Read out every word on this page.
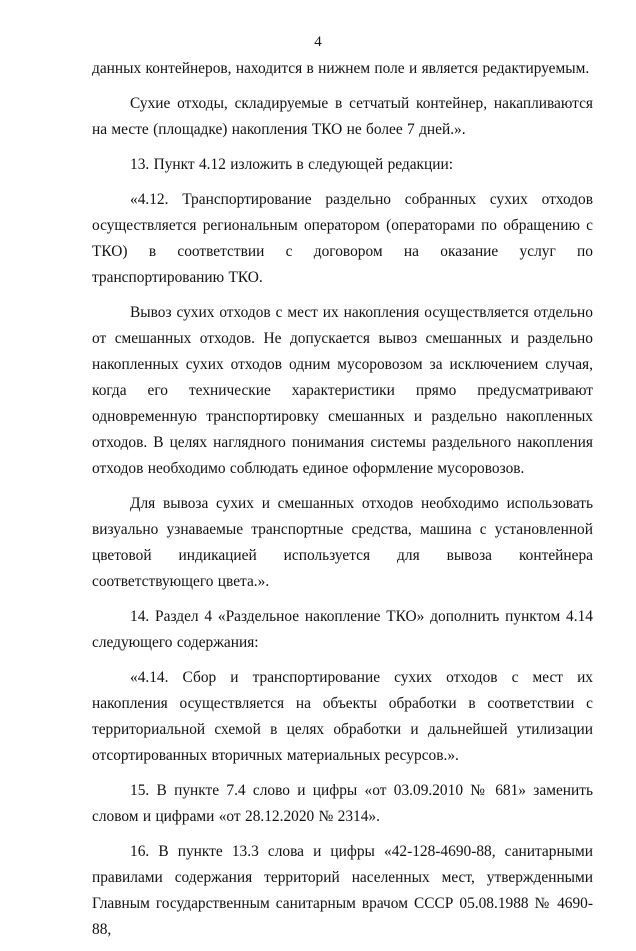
4

данных контейнеров, находится в нижнем поле и является редактируемым.

Сухие отходы, складируемые в сетчатый контейнер, накапливаются на месте (площадке) накопления ТКО не более 7 дней.».

13. Пункт 4.12 изложить в следующей редакции:

«4.12. Транспортирование раздельно собранных сухих отходов осуществляется региональным оператором (операторами по обращению с ТКО) в соответствии с договором на оказание услуг по транспортированию ТКО.

Вывоз сухих отходов с мест их накопления осуществляется отдельно от смешанных отходов. Не допускается вывоз смешанных и раздельно накопленных сухих отходов одним мусоровозом за исключением случая, когда его технические характеристики прямо предусматривают одновременную транспортировку смешанных и раздельно накопленных отходов. В целях наглядного понимания системы раздельного накопления отходов необходимо соблюдать единое оформление мусоровозов.

Для вывоза сухих и смешанных отходов необходимо использовать визуально узнаваемые транспортные средства, машина с установленной цветовой индикацией используется для вывоза контейнера соответствующего цвета.».

14. Раздел 4 «Раздельное накопление ТКО» дополнить пунктом 4.14 следующего содержания:

«4.14. Сбор и транспортирование сухих отходов с мест их накопления осуществляется на объекты обработки в соответствии с территориальной схемой в целях обработки и дальнейшей утилизации отсортированных вторичных материальных ресурсов.».

15. В пункте 7.4 слово и цифры «от 03.09.2010 № 681» заменить словом и цифрами «от 28.12.2020 № 2314».

16. В пункте 13.3 слова и цифры «42-128-4690-88, санитарными правилами содержания территорий населенных мест, утвержденными Главным государственным санитарным врачом СССР 05.08.1988 № 4690-88,
